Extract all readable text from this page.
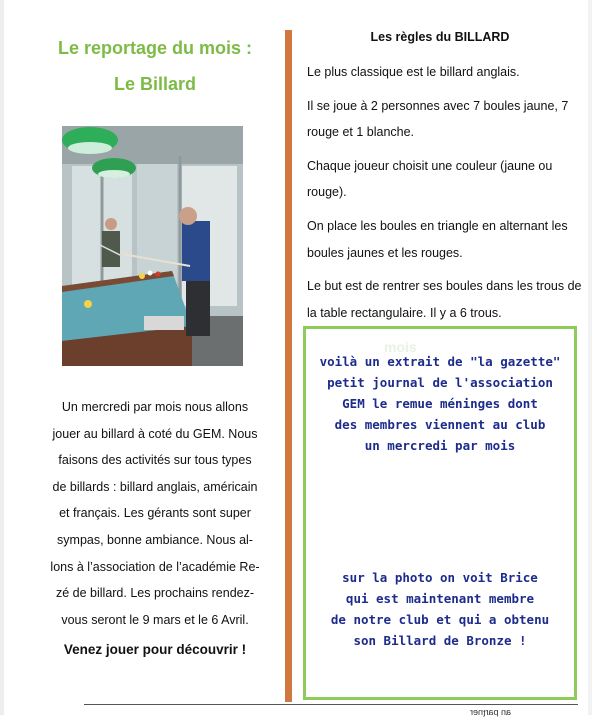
Le reportage du mois :
Le Billard
Un mercredi par mois nous allons
jouer au billard à coté du GEM. Nous
faisons des activités sur tous types
de billards : billard anglais, américain
et français. Les gérants sont super
sympas, bonne ambiance. Nous al-
lons à l’association de l’académie Re-
zé de billard. Les prochains rendez-
vous seront le 9 mars et le 6 Avril.
Venez jouer pour découvrir !
Les règles du BILLARD

Le plus classique est le billard anglais.

Il se joue à 2 personnes avec 7 boules jaune, 7 rouge et 1 blanche.

Chaque joueur choisit une couleur (jaune ou rouge).

On place les boules en triangle en alternant les boules jaunes et les rouges.

Le but est de rentrer ses boules dans les trous de la table rectangulaire. Il y a 6 trous.

mois
voilà un extrait de "la gazette"
petit journal de l'association
GEM le remue méninges dont
des membres viennent au club
un mercredi par mois
sur la photo on voit Brice
qui est maintenant membre
de notre club et qui a obtenu
son Billard de Bronze !
ɹǝuʇɹɐd uɐ
